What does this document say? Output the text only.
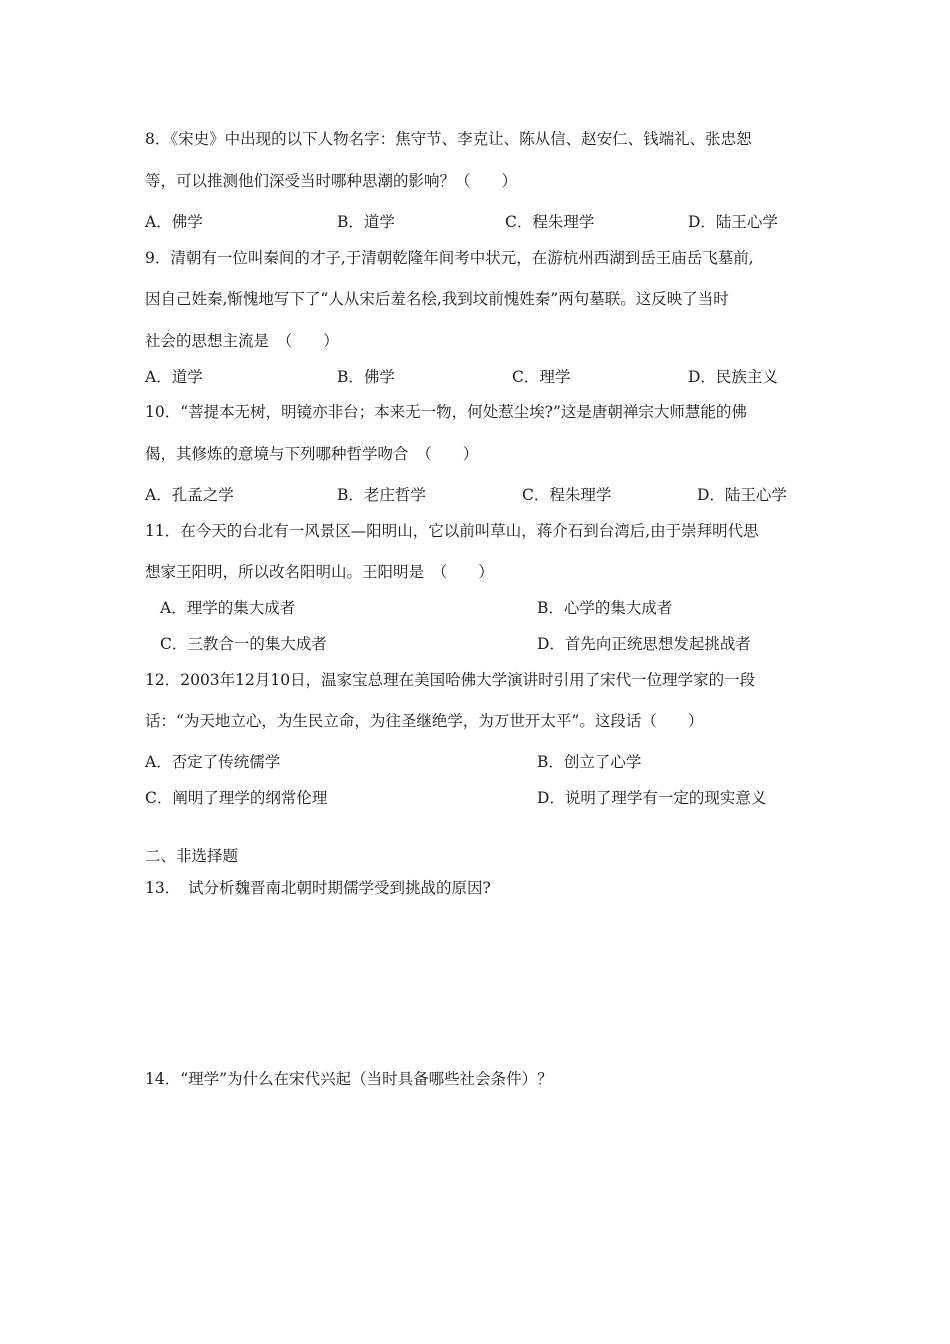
8．《宋史》中出现的以下人物名字：焦守节、李克让、陈从信、赵安仁、钱端礼、张忠恕
等，可以推测他们深受当时哪种思潮的影响？（　　）
A．佛学	B．道学	C．程朱理学	D．陆王心学
9．清朝有一位叫秦间的才子,于清朝乾隆年间考中状元，在游杭州西湖到岳王庙岳飞墓前,
因自己姓秦,惭愧地写下了“人从宋后羞名桧,我到坟前愧姓秦”两句墓联。这反映了当时
社会的思想主流是　（　　）
A．道学	B．佛学	C．理学	D．民族主义
10．“菩提本无树，明镜亦非台；本来无一物，何处惹尘埃?”这是唐朝禅宗大师慧能的佛
偈，其修炼的意境与下列哪种哲学吻合　（　　）
A．孔孟之学	B．老庄哲学	C．程朱理学	D．陆王心学
11．在今天的台北有一风景区—阳明山，它以前叫草山，蒋介石到台湾后,由于崇拜明代思
想家王阳明，所以改名阳明山。王阳明是　（　　）
A．理学的集大成者	B．心学的集大成者
C．三教合一的集大成者	D．首先向正统思想发起挑战者
12．2003年12月10日，温家宝总理在美国哈佛大学演讲时引用了宋代一位理学家的一段
话：“为天地立心，为生民立命，为往圣继绝学，为万世开太平”。这段话（　　）
A．否定了传统儒学	B．创立了心学
C．阐明了理学的纲常伦理	D．说明了理学有一定的现实意义
二、非选择题
13．　试分析魏晋南北朝时期儒学受到挑战的原因?
14．“理学”为什么在宋代兴起（当时具备哪些社会条件）？
